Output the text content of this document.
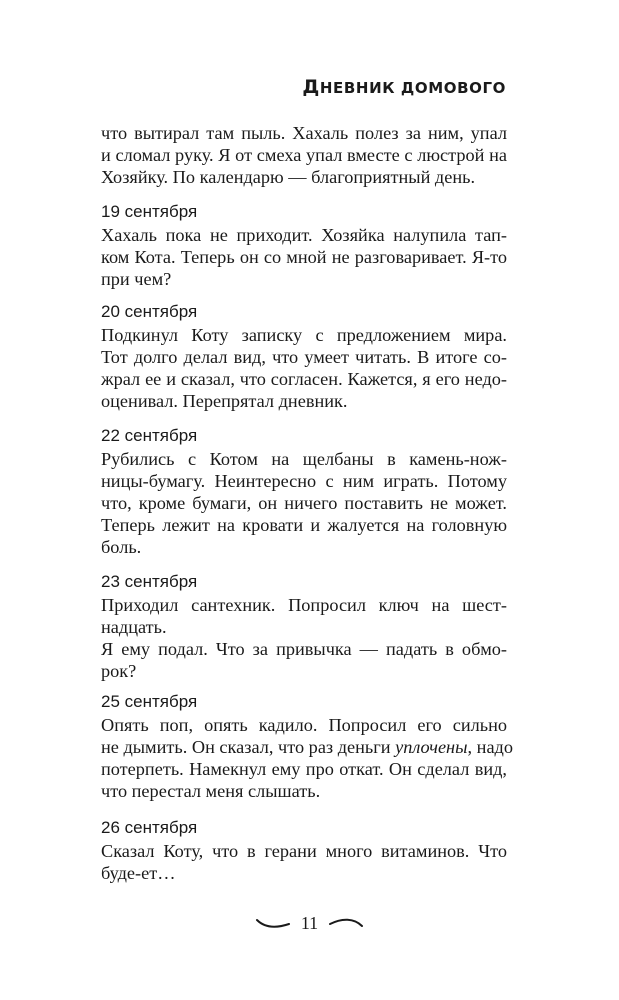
ДНЕВНИК ДОМОВОГО
что вытирал там пыль. Хахаль полез за ним, упал
и сломал руку. Я от смеха упал вместе с люстрой на
Хозяйку. По календарю — благоприятный день.
19 сентября
Хахаль пока не приходит. Хозяйка налупила тап-
ком Кота. Теперь он со мной не разговаривает. Я-то
при чем?
20 сентября
Подкинул Коту записку с предложением мира.
Тот долго делал вид, что умеет читать. В итоге со-
жрал ее и сказал, что согласен. Кажется, я его недо-
оценивал. Перепрятал дневник.
22 сентября
Рубились с Котом на щелбаны в камень-нож-
ницы-бумагу. Неинтересно с ним играть. Потому
что, кроме бумаги, он ничего поставить не может.
Теперь лежит на кровати и жалуется на головную
боль.
23 сентября
Приходил сантехник. Попросил ключ на шест-
надцать.
Я ему подал. Что за привычка — падать в обмо-
рок?
25 сентября
Опять поп, опять кадило. Попросил его сильно
не дымить. Он сказал, что раз деньги уплочены, надо
потерпеть. Намекнул ему про откат. Он сделал вид,
что перестал меня слышать.
26 сентября
Сказал Коту, что в герани много витаминов. Что
буде-ет…
11
